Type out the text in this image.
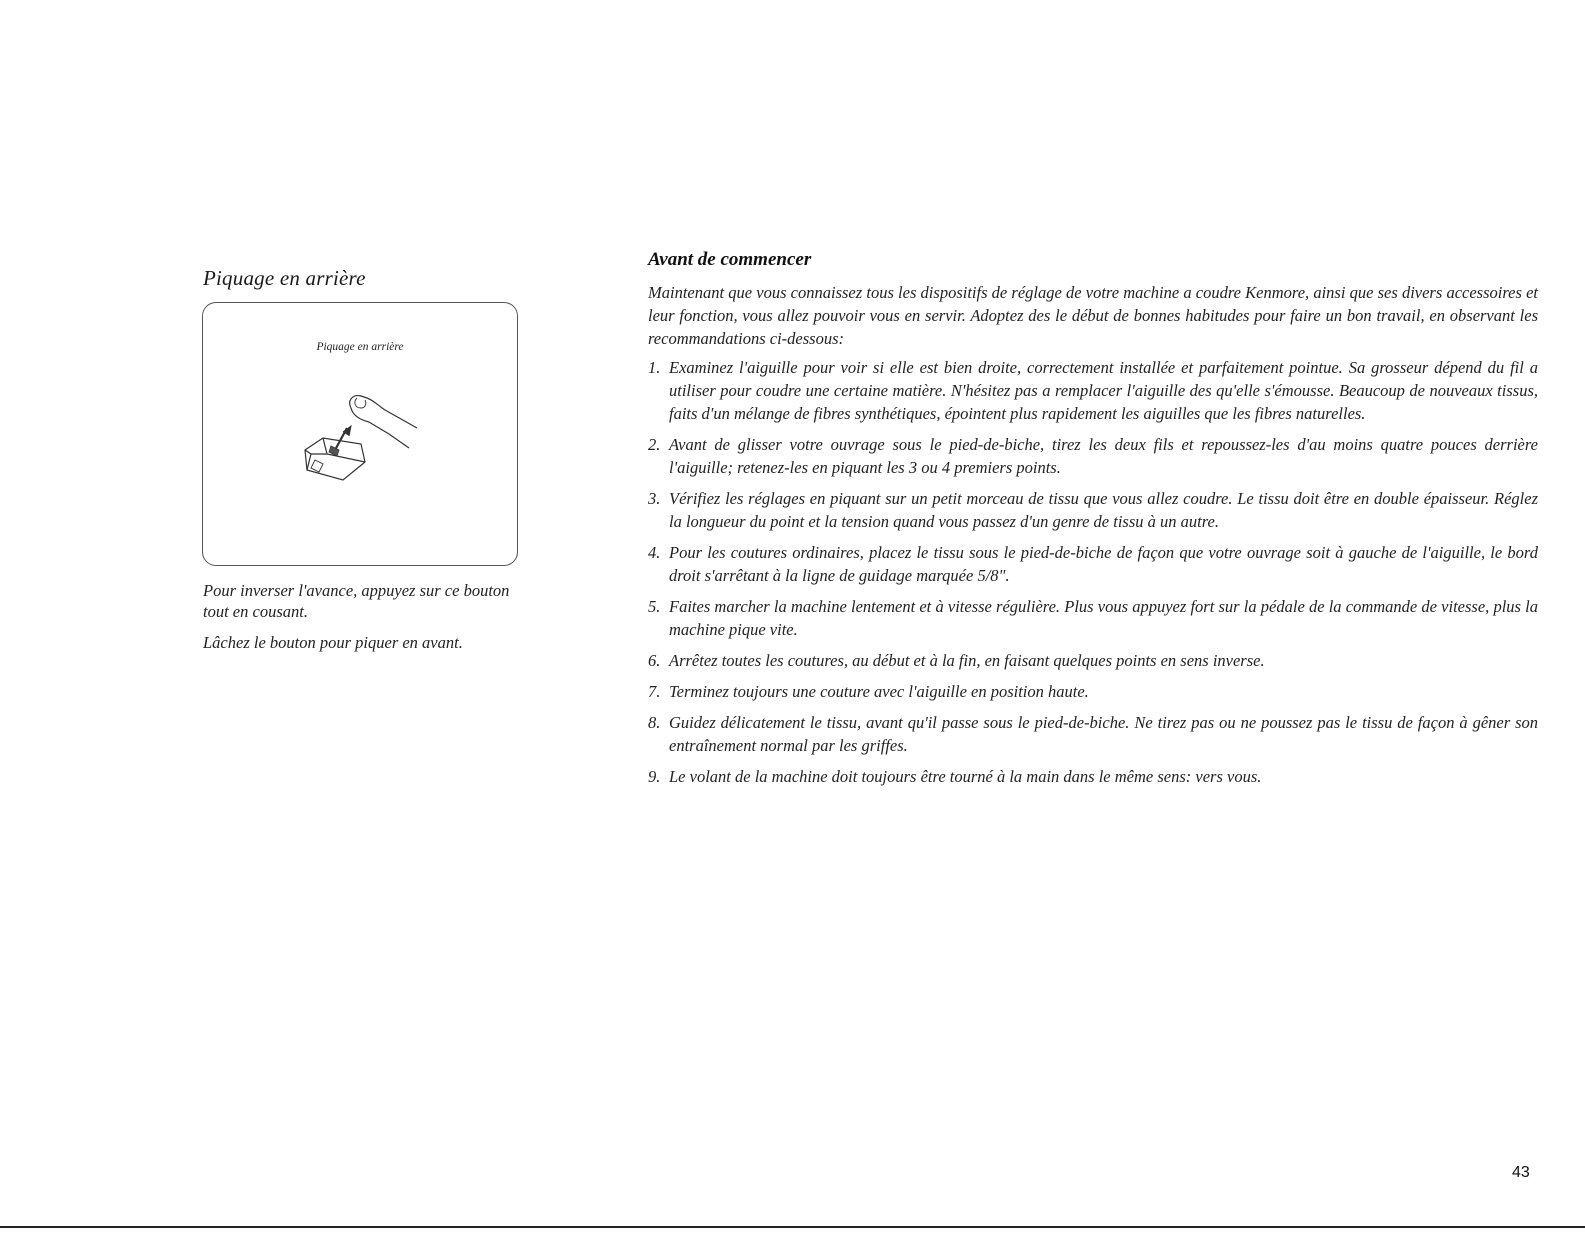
Piquage en arrière
Piquage en arrière

Pour inverser l'avance, appuyez sur ce bouton tout en cousant.

Lâchez le bouton pour piquer en avant.

Avant de commencer

Maintenant que vous connaissez tous les dispositifs de réglage de votre machine a coudre Kenmore, ainsi que ses divers accessoires et leur fonction, vous allez pouvoir vous en servir. Adoptez des le début de bonnes habitudes pour faire un bon travail, en observant les recommandations ci-dessous:

1. Examinez l'aiguille pour voir si elle est bien droite, correctement installée et parfaitement pointue. Sa grosseur dépend du fil a utiliser pour coudre une certaine matière. N'hésitez pas a remplacer l'aiguille des qu'elle s'émousse. Beaucoup de nouveaux tissus, faits d'un mélange de fibres synthétiques, épointent plus rapidement les aiguilles que les fibres naturelles.
2. Avant de glisser votre ouvrage sous le pied-de-biche, tirez les deux fils et repoussez-les d'au moins quatre pouces derrière l'aiguille; retenez-les en piquant les 3 ou 4 premiers points.
3. Vérifiez les réglages en piquant sur un petit morceau de tissu que vous allez coudre. Le tissu doit être en double épaisseur. Réglez la longueur du point et la tension quand vous passez d'un genre de tissu à un autre.
4. Pour les coutures ordinaires, placez le tissu sous le pied-de-biche de façon que votre ouvrage soit à gauche de l'aiguille, le bord droit s'arrêtant à la ligne de guidage marquée 5/8".
5. Faites marcher la machine lentement et à vitesse régulière. Plus vous appuyez fort sur la pédale de la commande de vitesse, plus la machine pique vite.
6. Arrêtez toutes les coutures, au début et à la fin, en faisant quelques points en sens inverse.
7. Terminez toujours une couture avec l'aiguille en position haute.
8. Guidez délicatement le tissu, avant qu'il passe sous le pied-de-biche. Ne tirez pas ou ne poussez pas le tissu de façon à gêner son entraînement normal par les griffes.
9. Le volant de la machine doit toujours être tourné à la main dans le même sens: vers vous.
43
